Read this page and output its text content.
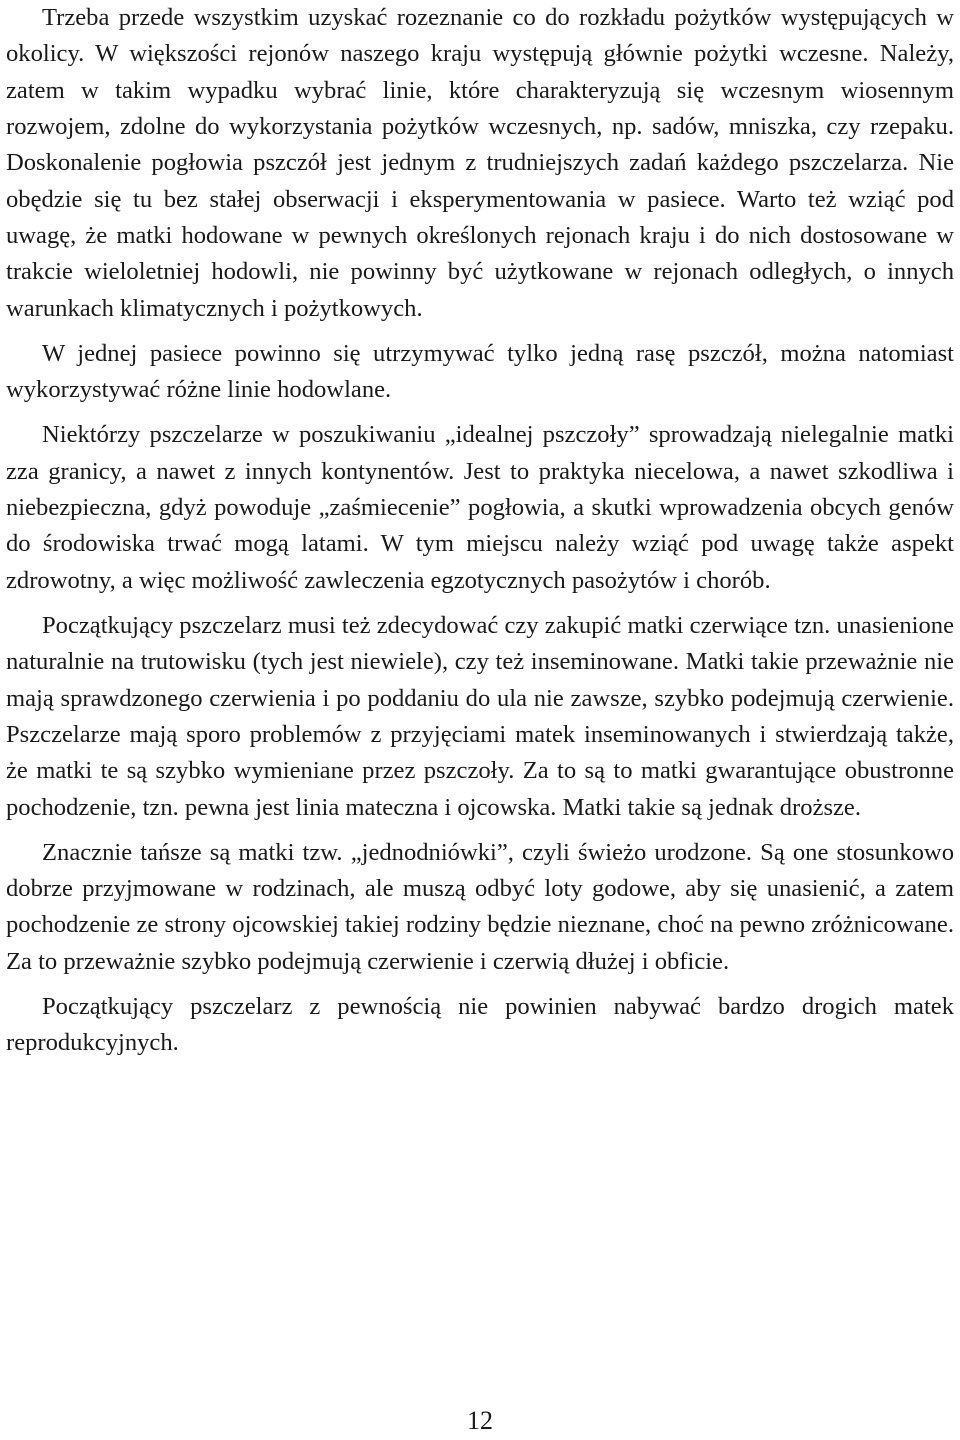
Trzeba przede wszystkim uzyskać rozeznanie co do rozkładu pożytków występujących w okolicy. W większości rejonów naszego kraju występują głównie pożytki wczesne. Należy, zatem w takim wypadku wybrać linie, które charakteryzują się wczesnym wiosennym rozwojem, zdolne do wykorzystania pożytków wczesnych, np. sadów, mniszka, czy rzepaku. Doskonalenie pogłowia pszczół jest jednym z trudniejszych zadań każdego pszczelarza. Nie obędzie się tu bez stałej obserwacji i eksperymentowania w pasiece. Warto też wziąć pod uwagę, że matki hodowane w pewnych określonych rejonach kraju i do nich dostosowane w trakcie wieloletniej hodowli, nie powinny być użytkowane w rejonach odległych, o innych warunkach klimatycznych i pożytkowych.

W jednej pasiece powinno się utrzymywać tylko jedną rasę pszczół, można natomiast wykorzystywać różne linie hodowlane.

Niektórzy pszczelarze w poszukiwaniu „idealnej pszczoły” sprowadzają nielegalnie matki zza granicy, a nawet z innych kontynentów. Jest to praktyka niecelowa, a nawet szkodliwa i niebezpieczna, gdyż powoduje „zaśmiecenie” pogłowia, a skutki wprowadzenia obcych genów do środowiska trwać mogą latami. W tym miejscu należy wziąć pod uwagę także aspekt zdrowotny, a więc możliwość zawleczenia egzotycznych pasożytów i chorób.

Początkujący pszczelarz musi też zdecydować czy zakupić matki czerwiące tzn. unasienione naturalnie na trutowisku (tych jest niewiele), czy też inseminowane. Matki takie przeważnie nie mają sprawdzonego czerwienia i po poddaniu do ula nie zawsze, szybko podejmują czerwienie. Pszczelarze mają sporo problemów z przyjęciami matek inseminowanych i stwierdzają także, że matki te są szybko wymieniane przez pszczoły. Za to są to matki gwarantujące obustronne pochodzenie, tzn. pewna jest linia mateczna i ojcowska. Matki takie są jednak droższe.

Znacznie tańsze są matki tzw. „jednodniówki”, czyli świeżo urodzone. Są one stosunkowo dobrze przyjmowane w rodzinach, ale muszą odbyć loty godowe, aby się unasienić, a zatem pochodzenie ze strony ojcowskiej takiej rodziny będzie nieznane, choć na pewno zróżnicowane. Za to przeważnie szybko podejmują czerwienie i czerwią dłużej i obficie.

Początkujący pszczelarz z pewnością nie powinien nabywać bardzo drogich matek reprodukcyjnych.

12
